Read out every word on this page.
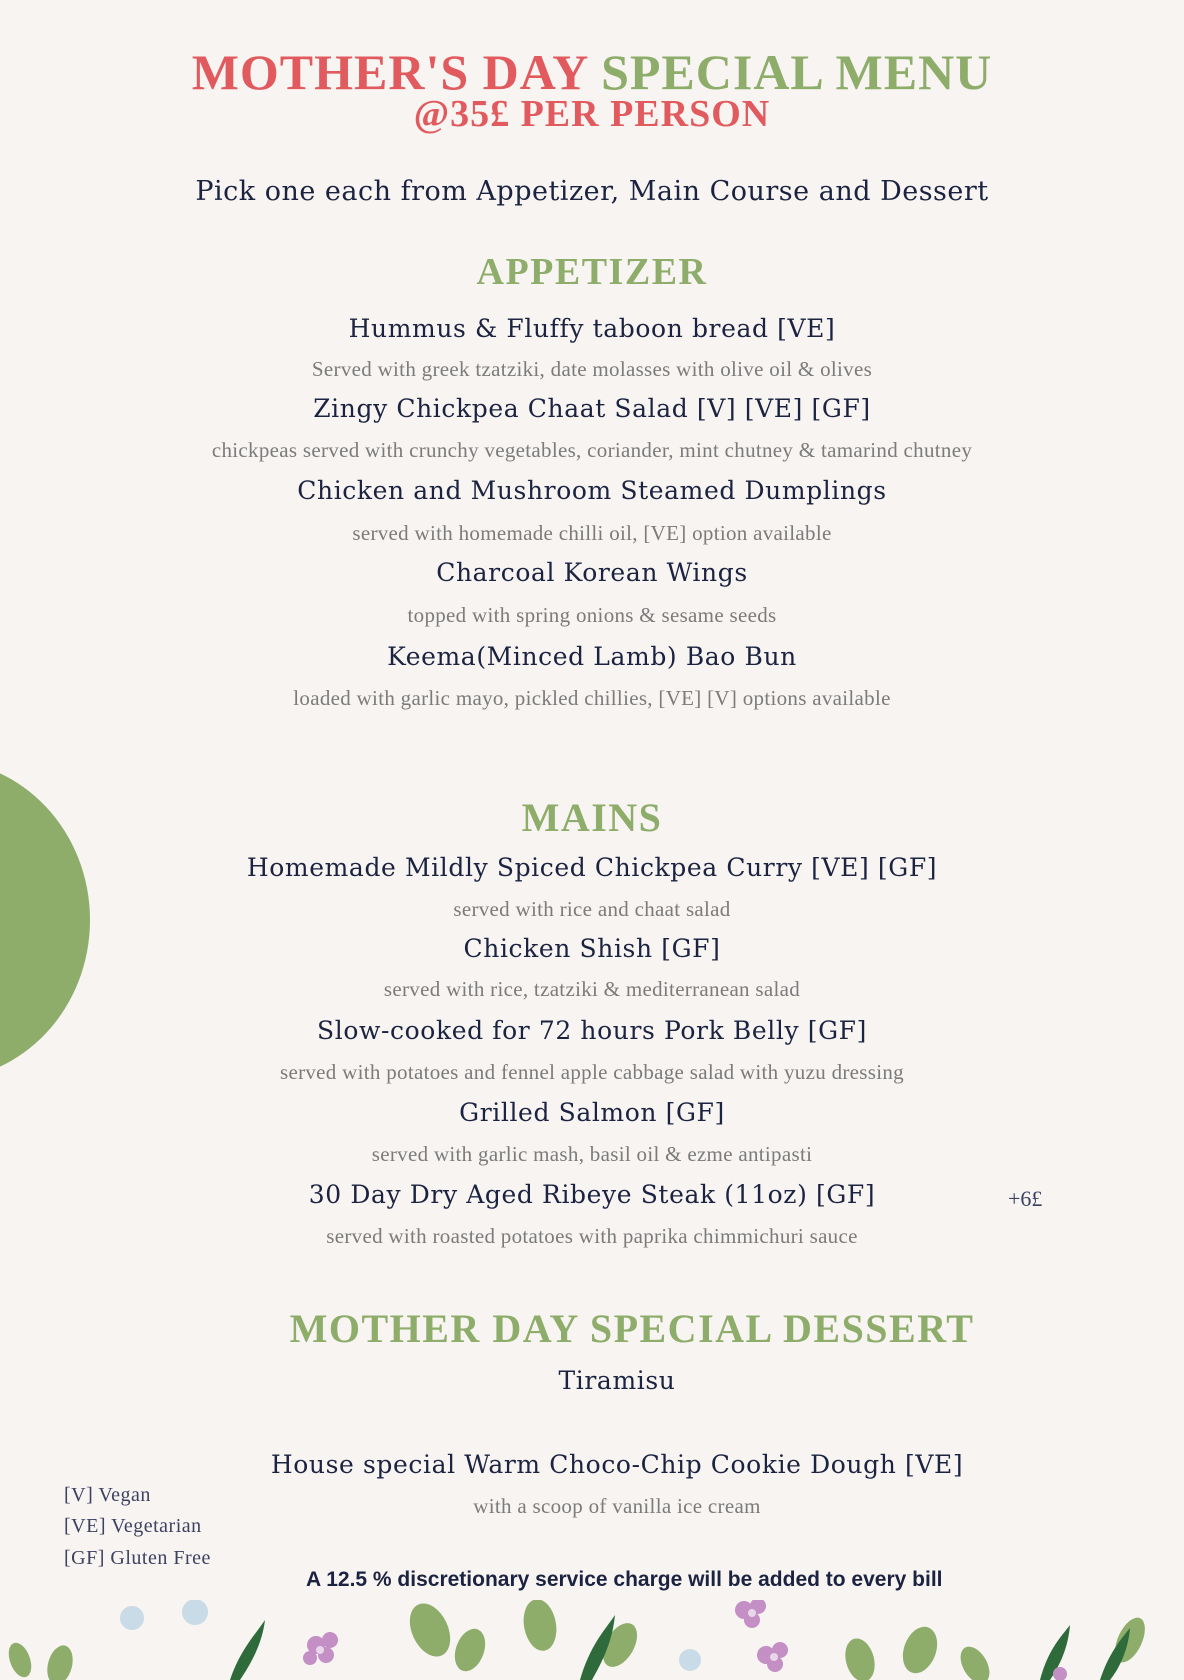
MOTHER'S DAY SPECIAL MENU
@35£ PER PERSON
Pick one each from Appetizer, Main Course and Dessert
APPETIZER
Hummus & Fluffy taboon bread [VE]
Served with greek tzatziki, date molasses with olive oil & olives
Zingy Chickpea Chaat Salad [V] [VE] [GF]
chickpeas served with crunchy vegetables, coriander, mint chutney & tamarind chutney
Chicken and Mushroom Steamed Dumplings
served with homemade chilli oil, [VE] option available
Charcoal Korean Wings
topped with spring onions & sesame seeds
Keema(Minced Lamb) Bao Bun
loaded with garlic mayo, pickled chillies, [VE] [V] options available
MAINS
Homemade Mildly Spiced Chickpea Curry [VE] [GF]
served with rice and chaat salad
Chicken Shish [GF]
served with rice, tzatziki & mediterranean salad
Slow-cooked for 72 hours Pork Belly [GF]
served with potatoes and fennel apple cabbage salad with yuzu dressing
Grilled Salmon [GF]
served with garlic mash, basil oil & ezme antipasti
30 Day Dry Aged Ribeye Steak (11oz) [GF]	+6£
served with roasted potatoes with paprika chimmichuri sauce
MOTHER DAY SPECIAL DESSERT
Tiramisu
House special Warm Choco-Chip Cookie Dough [VE]
with a scoop of vanilla ice cream
[V] Vegan
[VE] Vegetarian
[GF] Gluten Free
A 12.5 % discretionary service charge will be added to every bill
